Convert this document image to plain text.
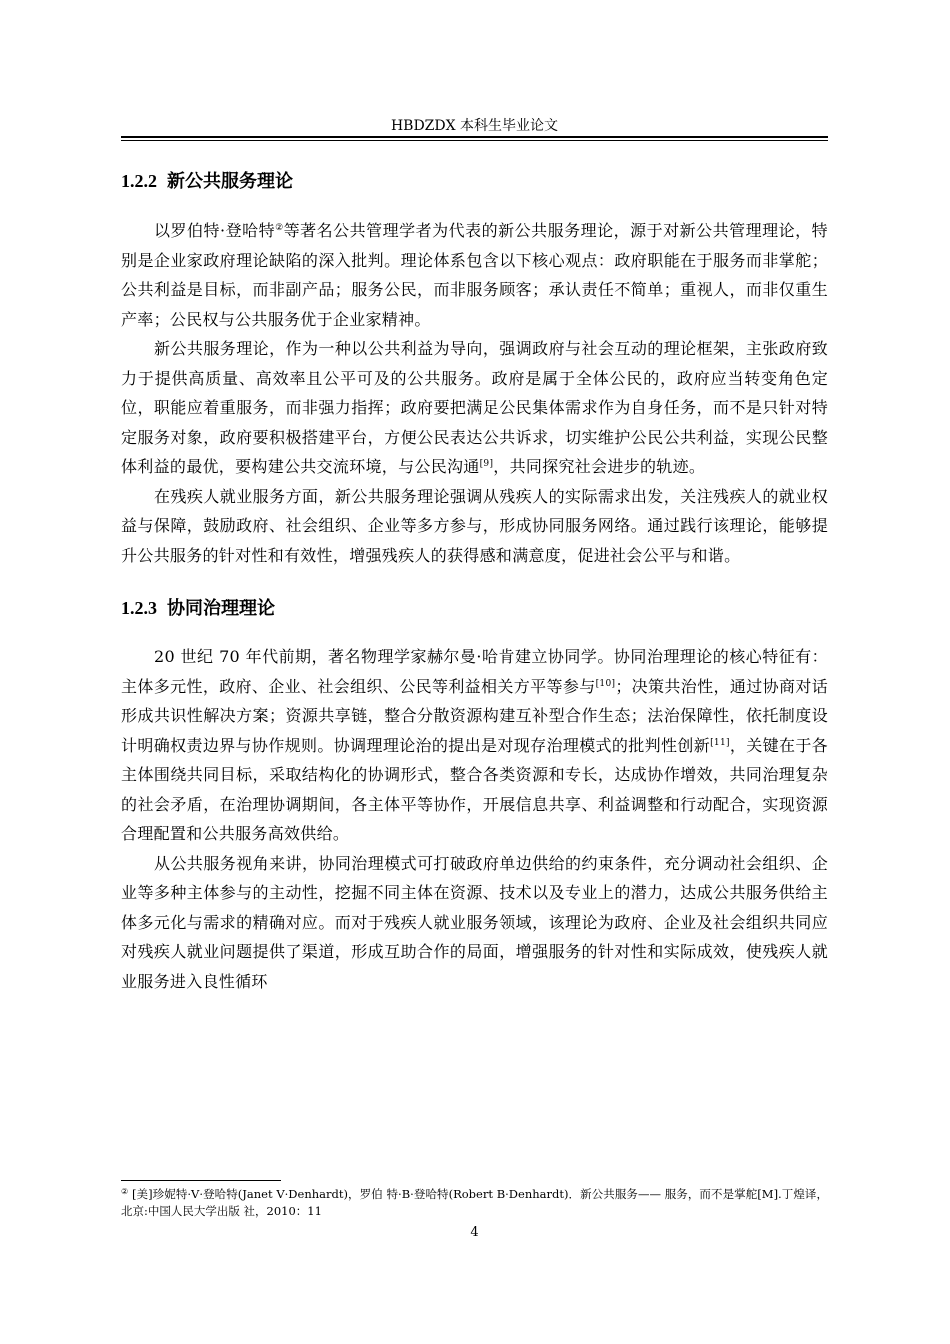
HBDZDX 本科生毕业论文
1.2.2 新公共服务理论

以罗伯特·登哈特②等著名公共管理学者为代表的新公共服务理论，源于对新公共管理理论，特别是企业家政府理论缺陷的深入批判。理论体系包含以下核心观点：政府职能在于服务而非掌舵；公共利益是目标，而非副产品；服务公民，而非服务顾客；承认责任不简单；重视人，而非仅重生产率；公民权与公共服务优于企业家精神。

新公共服务理论，作为一种以公共利益为导向，强调政府与社会互动的理论框架，主张政府致力于提供高质量、高效率且公平可及的公共服务。政府是属于全体公民的，政府应当转变角色定位，职能应着重服务，而非强力指挥；政府要把满足公民集体需求作为自身任务，而不是只针对特定服务对象，政府要积极搭建平台，方便公民表达公共诉求，切实维护公民公共利益，实现公民整体利益的最优，要构建公共交流环境，与公民沟通[9]，共同探究社会进步的轨迹。

在残疾人就业服务方面，新公共服务理论强调从残疾人的实际需求出发，关注残疾人的就业权益与保障，鼓励政府、社会组织、企业等多方参与，形成协同服务网络。通过践行该理论，能够提升公共服务的针对性和有效性，增强残疾人的获得感和满意度，促进社会公平与和谐。

1.2.3 协同治理理论

20 世纪 70 年代前期，著名物理学家赫尔曼·哈肯建立协同学。协同治理理论的核心特征有：主体多元性，政府、企业、社会组织、公民等利益相关方平等参与[10]；决策共治性，通过协商对话形成共识性解决方案；资源共享链，整合分散资源构建互补型合作生态；法治保障性，依托制度设计明确权责边界与协作规则。协调理理论治的提出是对现存治理模式的批判性创新[11]，关键在于各主体围绕共同目标，采取结构化的协调形式，整合各类资源和专长，达成协作增效，共同治理复杂的社会矛盾，在治理协调期间，各主体平等协作，开展信息共享、利益调整和行动配合，实现资源合理配置和公共服务高效供给。

从公共服务视角来讲，协同治理模式可打破政府单边供给的约束条件，充分调动社会组织、企业等多种主体参与的主动性，挖掘不同主体在资源、技术以及专业上的潜力，达成公共服务供给主体多元化与需求的精确对应。而对于残疾人就业服务领域，该理论为政府、企业及社会组织共同应对残疾人就业问题提供了渠道，形成互助合作的局面，增强服务的针对性和实际成效，使残疾人就业服务进入良性循环

② [美]珍妮特·V·登哈特(Janet V·Denhardt)，罗伯 特·B·登哈特(Robert B·Denhardt)．新公共服务—— 服务，而不是掌舵[M].丁煌译，北京:中国人民大学出版 社，2010：11
4
